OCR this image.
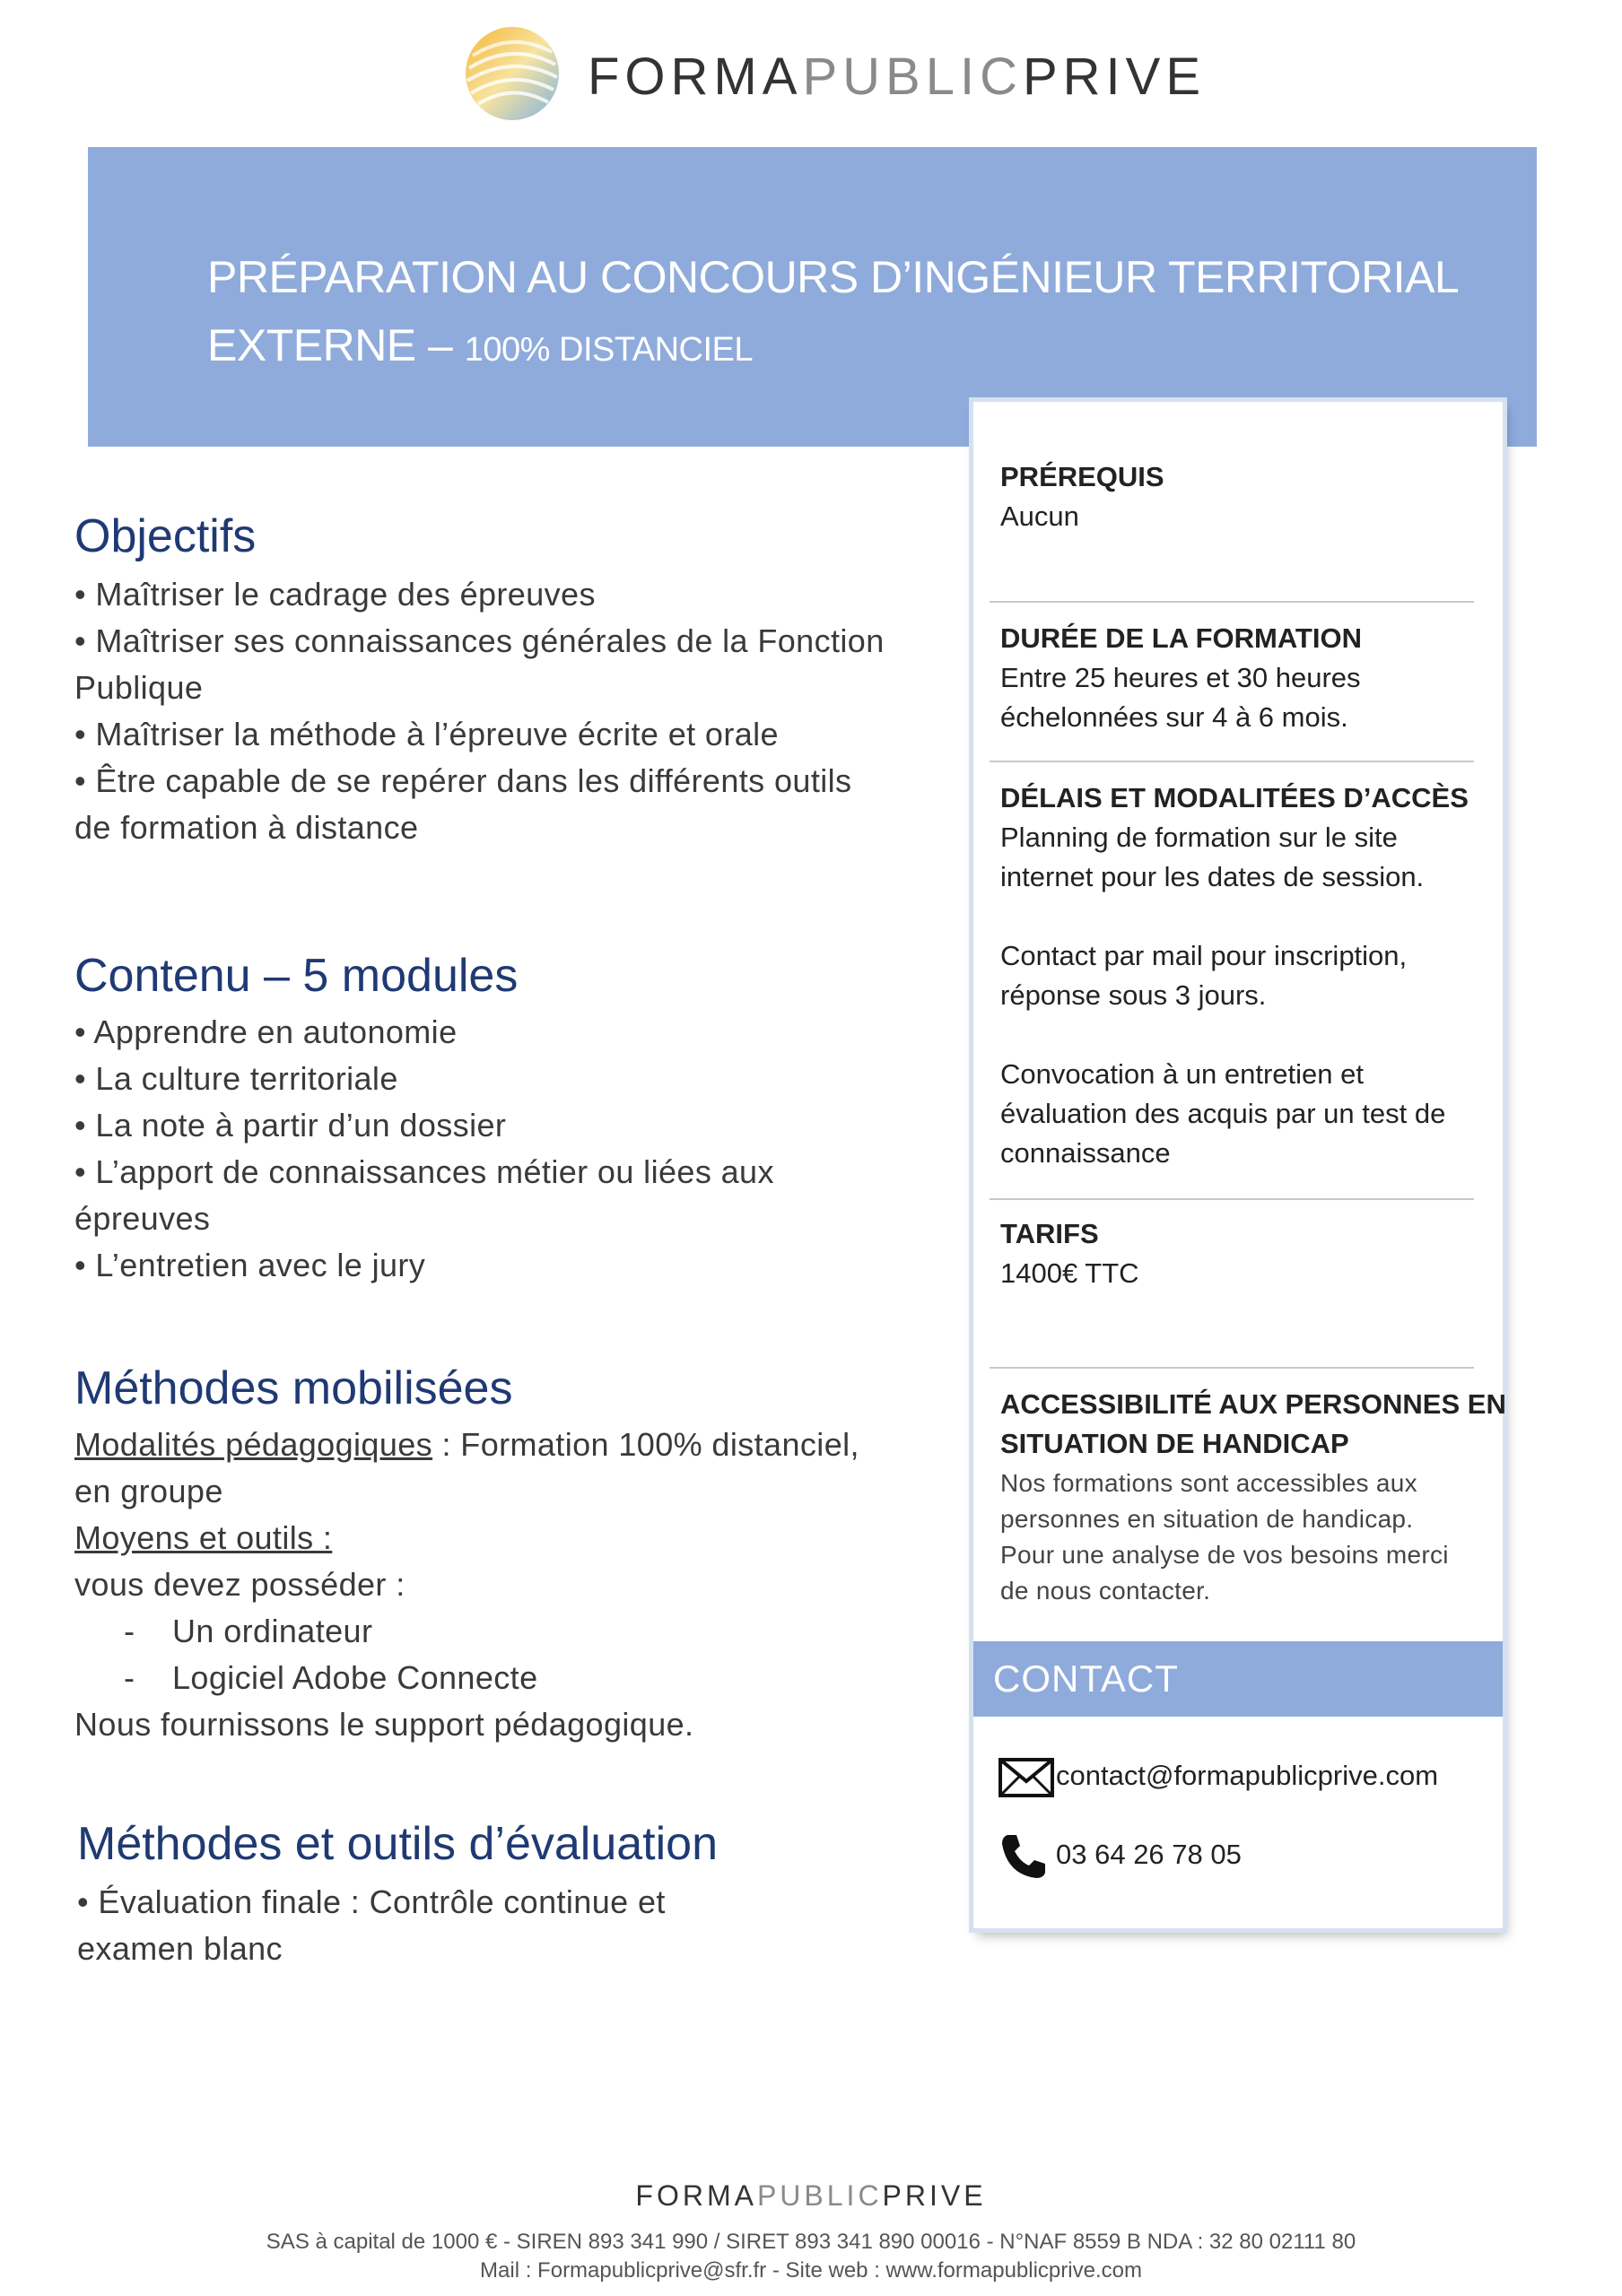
FORMAPUBLICPRIVE
PRÉPARATION AU CONCOURS D’INGÉNIEUR TERRITORIAL
EXTERNE – 100% DISTANCIEL
Objectifs
• Maîtriser le cadrage des épreuves
• Maîtriser ses connaissances générales de la Fonction
Publique
• Maîtriser la méthode à l’épreuve écrite et orale
• Être capable de se repérer dans les différents outils
de formation à distance
Contenu – 5 modules
• Apprendre en autonomie
• La culture territoriale
• La note à partir d’un dossier
• L’apport de connaissances métier ou liées aux
épreuves
• L’entretien avec le jury
Méthodes mobilisées
Modalités pédagogiques : Formation 100% distanciel,
en groupe
Moyens et outils :
vous devez posséder :
- Un ordinateur
- Logiciel Adobe Connecte
Nous fournissons le support pédagogique.
Méthodes et outils d’évaluation
• Évaluation finale : Contrôle continue et
examen blanc
PRÉREQUIS
Aucun
DURÉE DE LA FORMATION
Entre 25 heures et 30 heures
échelonnées sur 4 à 6 mois.
DÉLAIS ET MODALITÉES D’ACCÈS
Planning de formation sur le site
internet pour les dates de session.
Contact par mail pour inscription,
réponse sous 3 jours.
Convocation à un entretien et
évaluation des acquis par un test de
connaissance
TARIFS
1400€ TTC
ACCESSIBILITÉ AUX PERSONNES EN
SITUATION DE HANDICAP
Nos formations sont accessibles aux
personnes en situation de handicap.
Pour une analyse de vos besoins merci
de nous contacter.
CONTACT
contact@formapublicprive.com
03 64 26 78 05
FORMAPUBLICPRIVE
SAS à capital de 1000 € - SIREN 893 341 990 / SIRET 893 341 890 00016 - N°NAF 8559 B NDA : 32 80 02111 80
Mail : Formapublicprive@sfr.fr - Site web : www.formapublicprive.com
